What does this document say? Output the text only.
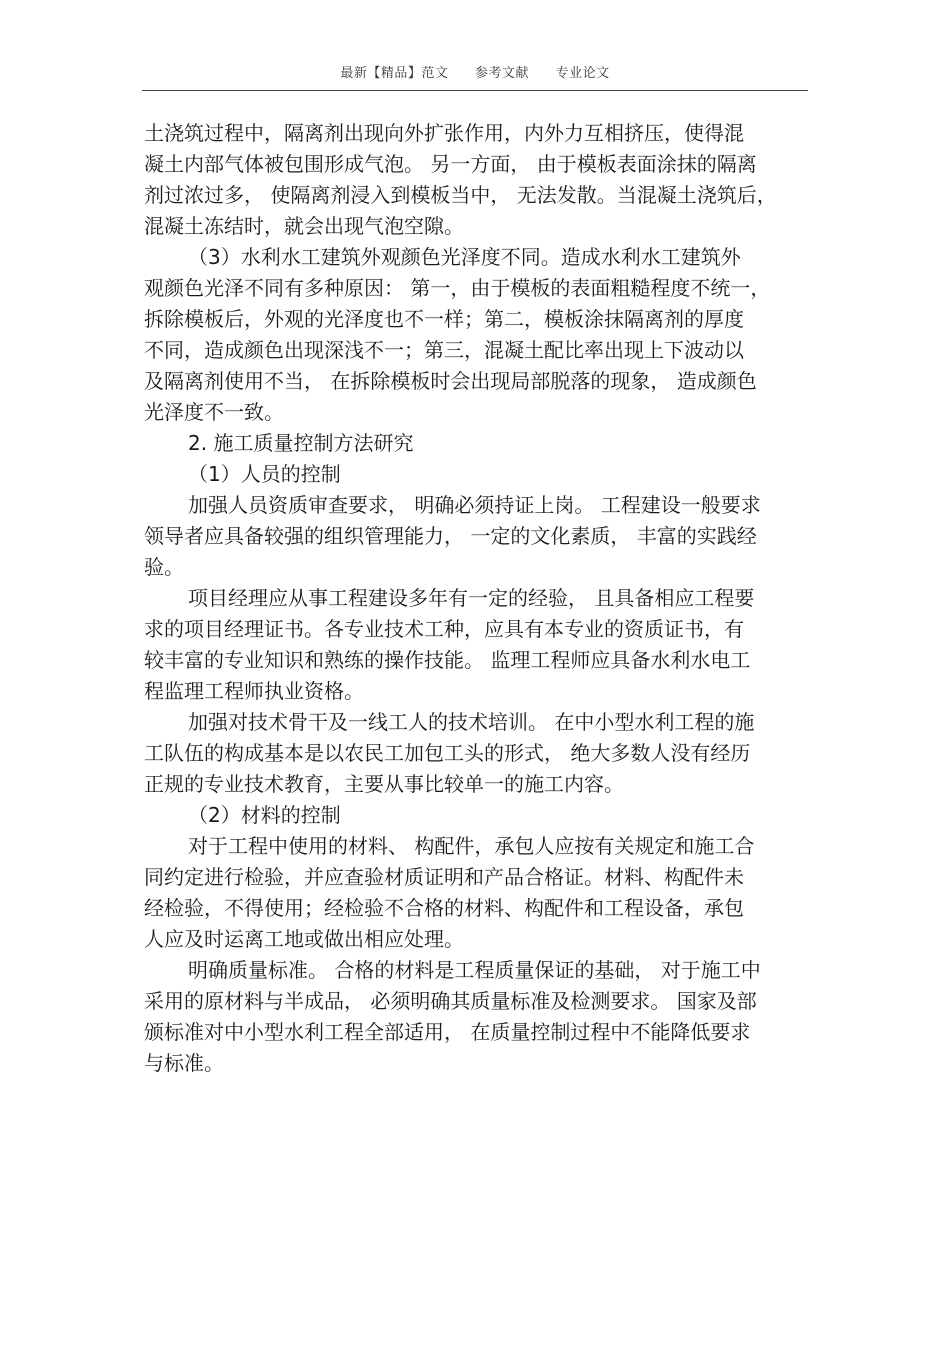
最新【精品】范文 参考文献 专业论文
土浇筑过程中，隔离剂出现向外扩张作用，内外力互相挤压，使得混
凝土内部气体被包围形成气泡。 另一方面， 由于模板表面涂抹的隔离
剂过浓过多， 使隔离剂浸入到模板当中， 无法发散。当混凝土浇筑后，
混凝土冻结时，就会出现气泡空隙。
（3）水利水工建筑外观颜色光泽度不同。造成水利水工建筑外
观颜色光泽不同有多种原因： 第一，由于模板的表面粗糙程度不统一，
拆除模板后，外观的光泽度也不一样；第二，模板涂抹隔离剂的厚度
不同，造成颜色出现深浅不一；第三，混凝土配比率出现上下波动以
及隔离剂使用不当， 在拆除模板时会出现局部脱落的现象， 造成颜色
光泽度不一致。
2. 施工质量控制方法研究
（1）人员的控制
加强人员资质审查要求， 明确必须持证上岗。 工程建设一般要求
领导者应具备较强的组织管理能力， 一定的文化素质， 丰富的实践经
验。
项目经理应从事工程建设多年有一定的经验， 且具备相应工程要
求的项目经理证书。各专业技术工种，应具有本专业的资质证书，有
较丰富的专业知识和熟练的操作技能。 监理工程师应具备水利水电工
程监理工程师执业资格。
加强对技术骨干及一线工人的技术培训。 在中小型水利工程的施
工队伍的构成基本是以农民工加包工头的形式， 绝大多数人没有经历
正规的专业技术教育，主要从事比较单一的施工内容。
（2）材料的控制
对于工程中使用的材料、 构配件，承包人应按有关规定和施工合
同约定进行检验，并应查验材质证明和产品合格证。材料、构配件未
经检验，不得使用；经检验不合格的材料、构配件和工程设备，承包
人应及时运离工地或做出相应处理。
明确质量标准。 合格的材料是工程质量保证的基础， 对于施工中
采用的原材料与半成品， 必须明确其质量标准及检测要求。 国家及部
颁标准对中小型水利工程全部适用， 在质量控制过程中不能降低要求
与标准。
